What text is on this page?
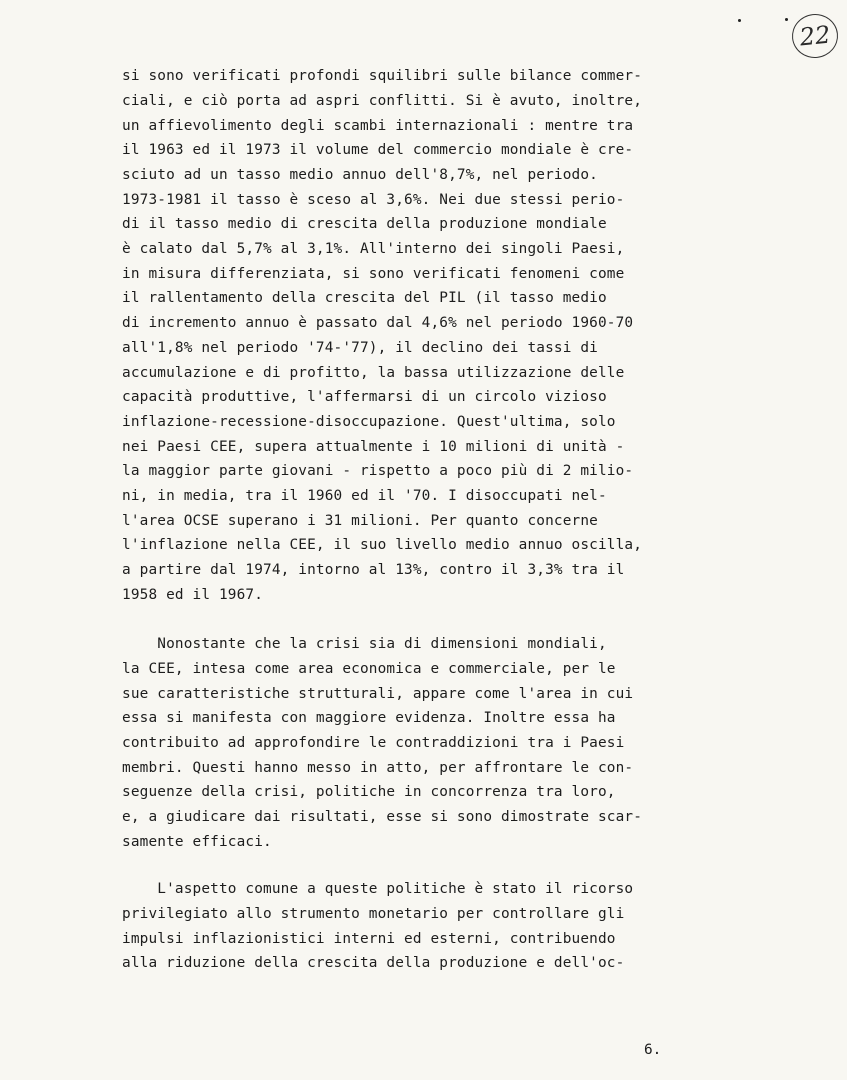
22
si sono verificati profondi squilibri sulle bilance commer-
ciali, e ciò porta ad aspri conflitti. Si è avuto, inoltre,
un affievolimento degli scambi internazionali : mentre tra
il 1963 ed il 1973 il volume del commercio mondiale è cre-
sciuto ad un tasso medio annuo dell'8,7%, nel periodo.
1973-1981 il tasso è sceso al 3,6%. Nei due stessi perio-
di il tasso medio di crescita della produzione mondiale
è calato dal 5,7% al 3,1%. All'interno dei singoli Paesi,
in misura differenziata, si sono verificati fenomeni come
il rallentamento della crescita del PIL (il tasso medio
di incremento annuo è passato dal 4,6% nel periodo 1960-70
all'1,8% nel periodo '74-'77), il declino dei tassi di
accumulazione e di profitto, la bassa utilizzazione delle
capacità produttive, l'affermarsi di un circolo vizioso
inflazione-recessione-disoccupazione. Quest'ultima, solo
nei Paesi CEE, supera attualmente i 10 milioni di unità -
la maggior parte giovani - rispetto a poco più di 2 milio-
ni, in media, tra il 1960 ed il '70. I disoccupati nel-
l'area OCSE superano i 31 milioni. Per quanto concerne
l'inflazione nella CEE, il suo livello medio annuo oscilla,
a partire dal 1974, intorno al 13%, contro il 3,3% tra il
1958 ed il 1967.
Nonostante che la crisi sia di dimensioni mondiali,
la CEE, intesa come area economica e commerciale, per le
sue caratteristiche strutturali, appare come l'area in cui
essa si manifesta con maggiore evidenza. Inoltre essa ha
contribuito ad approfondire le contraddizioni tra i Paesi
membri. Questi hanno messo in atto, per affrontare le con-
seguenze della crisi, politiche in concorrenza tra loro,
e, a giudicare dai risultati, esse si sono dimostrate scar-
samente efficaci.
L'aspetto comune a queste politiche è stato il ricorso
privilegiato allo strumento monetario per controllare gli
impulsi inflazionistici interni ed esterni, contribuendo
alla riduzione della crescita della produzione e dell'oc-
6.
